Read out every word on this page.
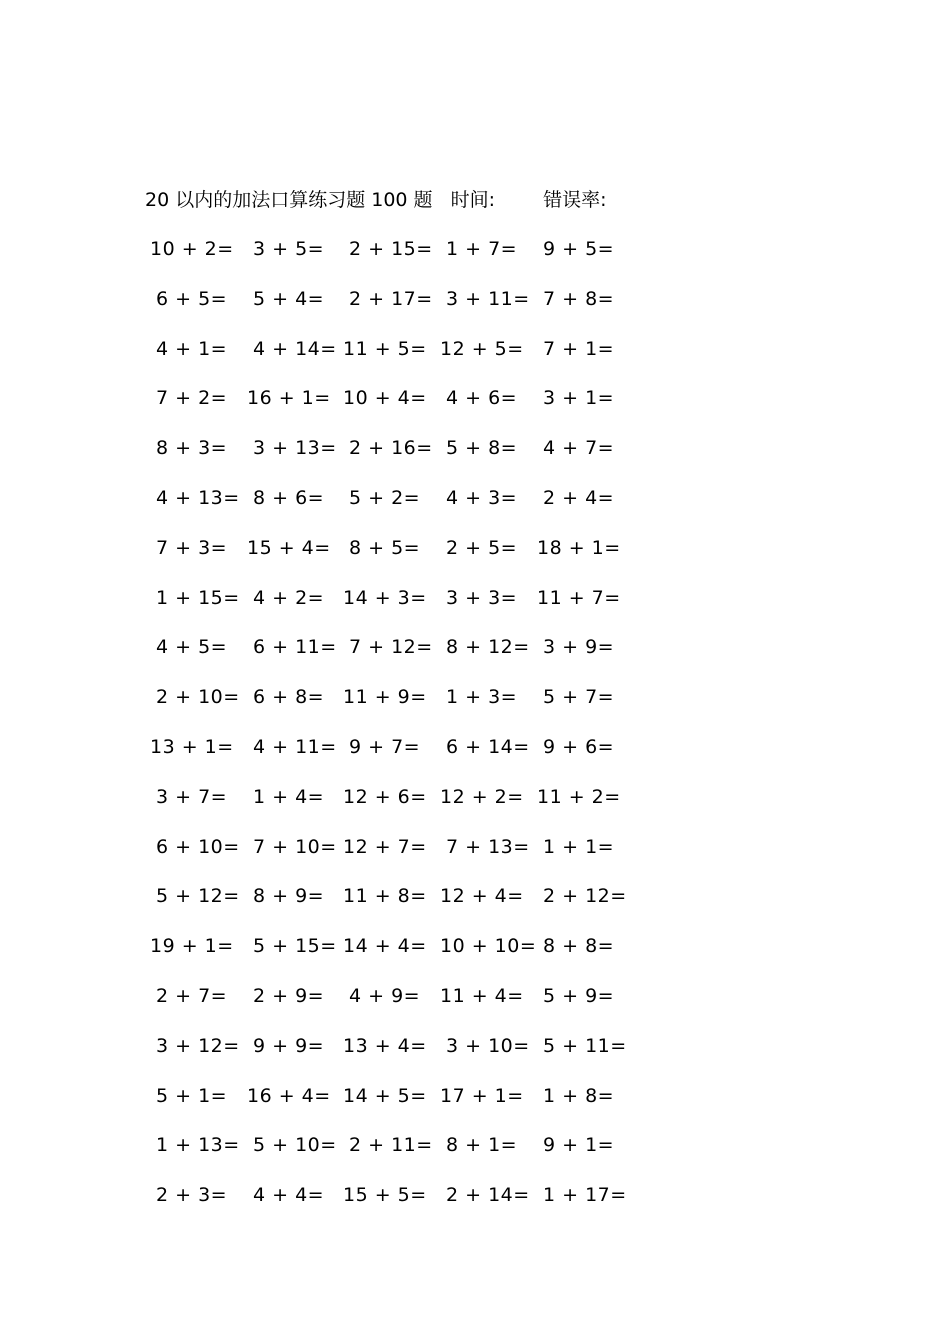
20 以内的加法口算练习题 100 题 时间:	错误率:
10 + 2= 3 + 5= 2 + 15= 1 + 7= 9 + 5=
6 + 5= 5 + 4= 2 + 17= 3 + 11= 7 + 8=
4 + 1= 4 + 14= 11 + 5= 12 + 5= 7 + 1=
7 + 2= 16 + 1= 10 + 4= 4 + 6= 3 + 1=
8 + 3= 3 + 13= 2 + 16= 5 + 8= 4 + 7=
4 + 13= 8 + 6= 5 + 2= 4 + 3= 2 + 4=
7 + 3= 15 + 4= 8 + 5= 2 + 5= 18 + 1=
1 + 15= 4 + 2= 14 + 3= 3 + 3= 11 + 7=
4 + 5= 6 + 11= 7 + 12= 8 + 12= 3 + 9=
2 + 10= 6 + 8= 11 + 9= 1 + 3= 5 + 7=
13 + 1= 4 + 11= 9 + 7= 6 + 14= 9 + 6=
3 + 7= 1 + 4= 12 + 6= 12 + 2= 11 + 2=
6 + 10= 7 + 10= 12 + 7= 7 + 13= 1 + 1=
5 + 12= 8 + 9= 11 + 8= 12 + 4= 2 + 12=
19 + 1= 5 + 15= 14 + 4= 10 + 10= 8 + 8=
2 + 7= 2 + 9= 4 + 9= 11 + 4= 5 + 9=
3 + 12= 9 + 9= 13 + 4= 3 + 10= 5 + 11=
5 + 1= 16 + 4= 14 + 5= 17 + 1= 1 + 8=
1 + 13= 5 + 10= 2 + 11= 8 + 1= 9 + 1=
2 + 3= 4 + 4= 15 + 5= 2 + 14= 1 + 17=
